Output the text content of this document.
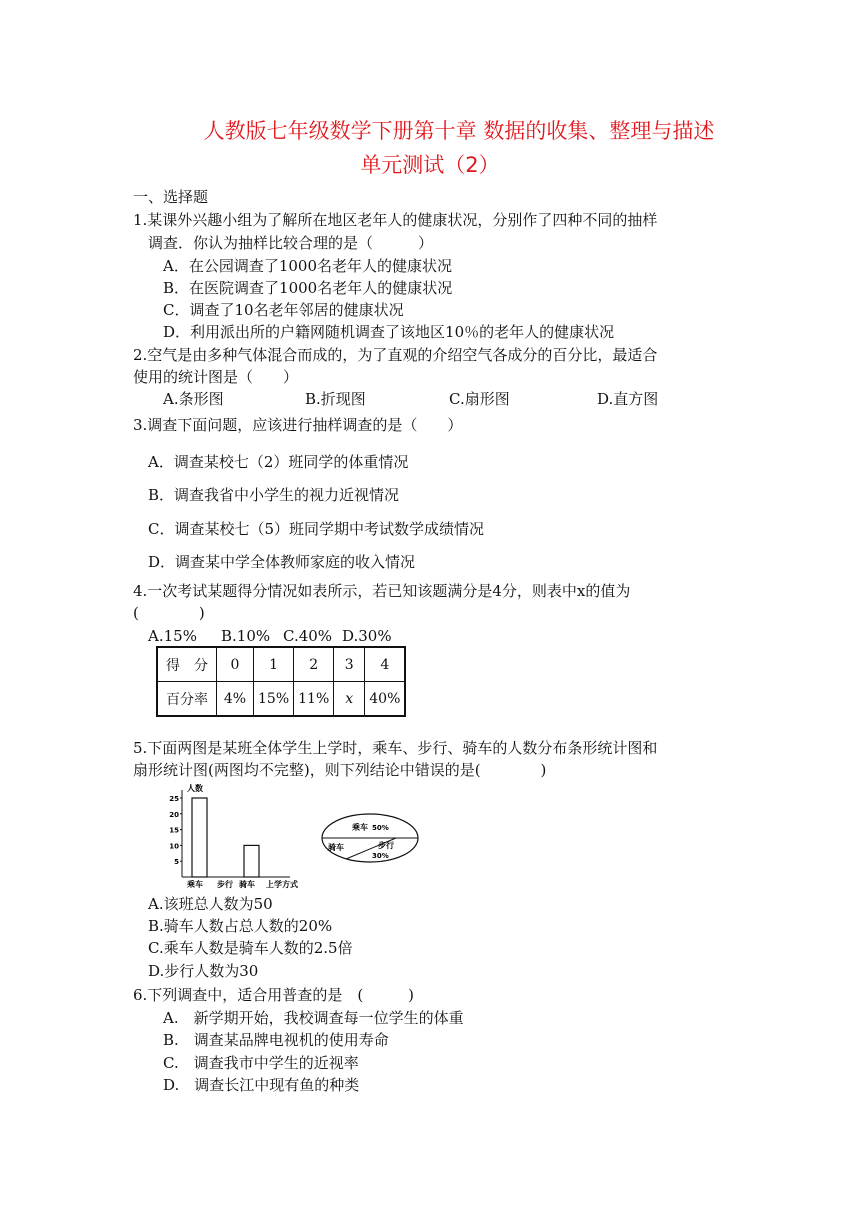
人教版七年级数学下册第十章 数据的收集、整理与描述
单元测试（2）
一、选择题
1.某课外兴趣小组为了解所在地区老年人的健康状况，分别作了四种不同的抽样
调查．你认为抽样比较合理的是（　　　）
A．在公园调查了1000名老年人的健康状况
B．在医院调查了1000名老年人的健康状况
C．调查了10名老年邻居的健康状况
D．利用派出所的户籍网随机调查了该地区10％的老年人的健康状况
2.空气是由多种气体混合而成的，为了直观的介绍空气各成分的百分比，最适合
使用的统计图是（　　）
A.条形图	B.折现图	C.扇形图	D.直方图
3.调查下面问题，应该进行抽样调查的是（　　）
A．调查某校七（2）班同学的体重情况
B．调查我省中小学生的视力近视情况
C．调查某校七（5）班同学期中考试数学成绩情况
D．调查某中学全体教师家庭的收入情况
4.一次考试某题得分情况如表所示，若已知该题满分是4分，则表中x的值为
(　　　　)
A.15% B.10% C.40% D.30%
得　分	0	1	2	3	4
百分率	4%	15%	11%	x	40%
5.下面两图是某班全体学生上学时，乘车、步行、骑车的人数分布条形统计图和
扇形统计图(两图均不完整)，则下列结论中错误的是(　　　　)
人数
上学方式
5
10
15
20
25
乘车 步行 骑车
乘车 50%
骑车	步行
30%
A.该班总人数为50
B.骑车人数占总人数的20%
C.乘车人数是骑车人数的2.5倍
D.步行人数为30
6.下列调查中，适合用普查的是　(　　　)
A.　新学期开始，我校调查每一位学生的体重
B.　调查某品牌电视机的使用寿命
C.　调查我市中学生的近视率
D.　调查长江中现有鱼的种类
